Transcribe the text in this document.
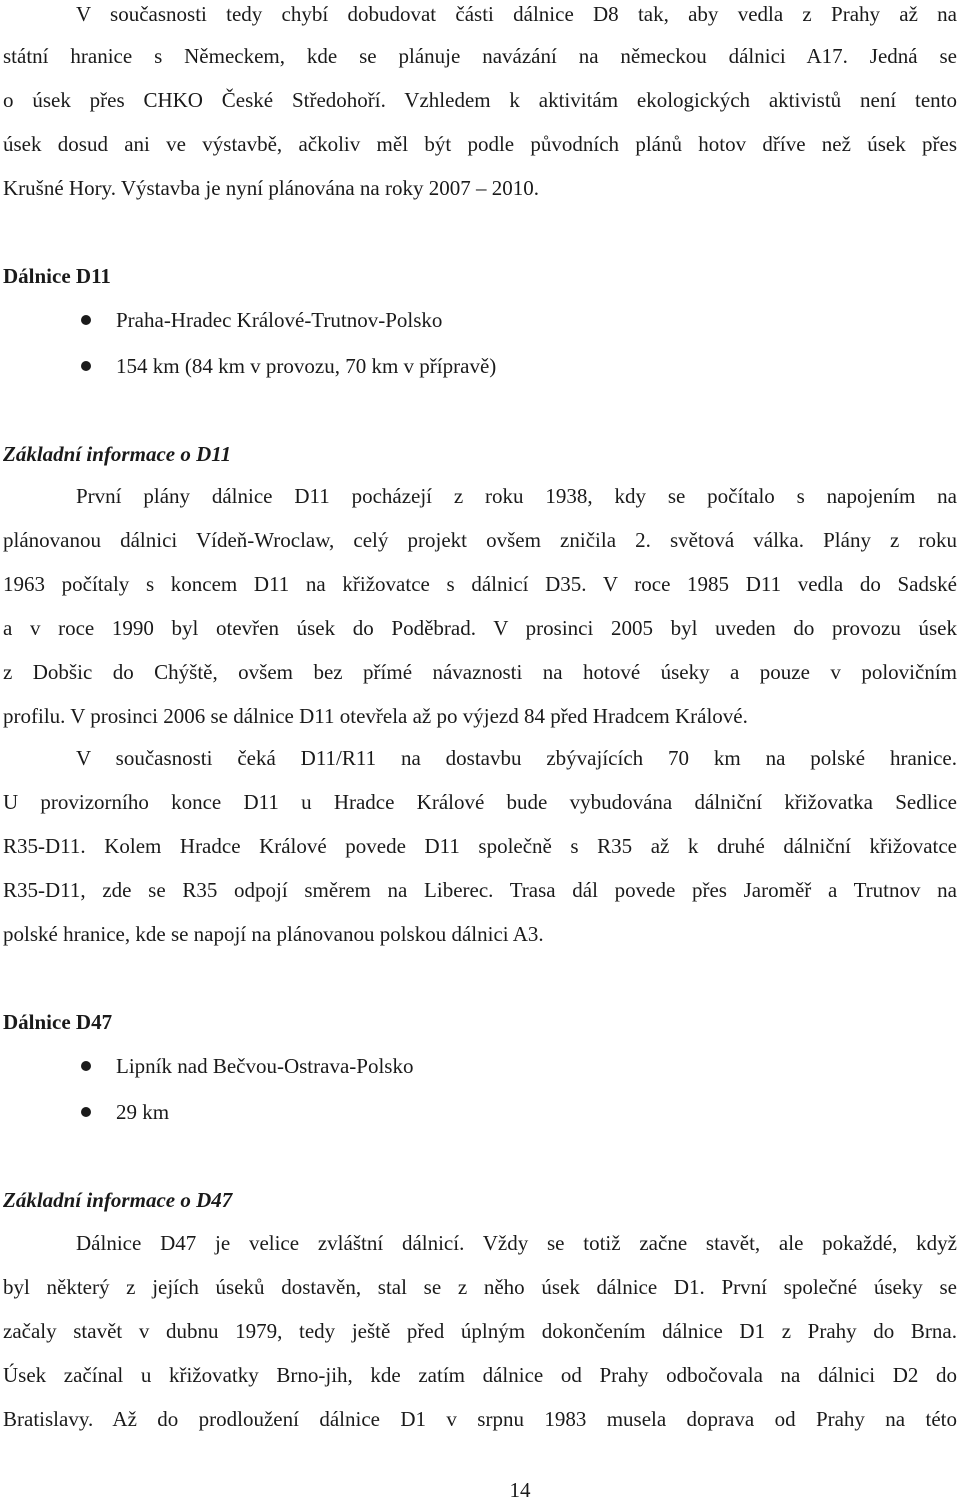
V současnosti tedy chybí dobudovat části dálnice D8 tak, aby vedla z Prahy až na
státní hranice s Německem, kde se plánuje navázání na německou dálnici A17. Jedná se
o úsek přes CHKO České Středohoří. Vzhledem k aktivitám ekologických aktivistů není tento
úsek dosud ani ve výstavbě, ačkoliv měl být podle původních plánů hotov dříve než úsek přes
Krušné Hory. Výstavba je nyní plánována na roky 2007 – 2010.
Dálnice D11
Praha-Hradec Králové-Trutnov-Polsko
154 km (84 km v provozu, 70 km v přípravě)
Základní informace o D11
První plány dálnice D11 pocházejí z roku 1938, kdy se počítalo s napojením na
plánovanou dálnici Vídeň-Wroclaw, celý projekt ovšem zničila 2. světová válka. Plány z roku
1963 počítaly s koncem D11 na křižovatce s dálnicí D35. V roce 1985 D11 vedla do Sadské
a v roce 1990 byl otevřen úsek do Poděbrad. V prosinci 2005 byl uveden do provozu úsek
z Dobšic do Chýště, ovšem bez přímé návaznosti na hotové úseky a pouze v polovičním
profilu. V prosinci 2006 se dálnice D11 otevřela až po výjezd 84 před Hradcem Králové.
V současnosti čeká D11/R11 na dostavbu zbývajících 70 km na polské hranice.
U provizorního konce D11 u Hradce Králové bude vybudována dálniční křižovatka Sedlice
R35-D11. Kolem Hradce Králové povede D11 společně s R35 až k druhé dálniční křižovatce
R35-D11, zde se R35 odpojí směrem na Liberec. Trasa dál povede přes Jaroměř a Trutnov na
polské hranice, kde se napojí na plánovanou polskou dálnici A3.
Dálnice D47
Lipník nad Bečvou-Ostrava-Polsko
29 km
Základní informace o D47
Dálnice D47 je velice zvláštní dálnicí. Vždy se totiž začne stavět, ale pokaždé, když
byl některý z jejích úseků dostavěn, stal se z něho úsek dálnice D1. První společné úseky se
začaly stavět v dubnu 1979, tedy ještě před úplným dokončením dálnice D1 z Prahy do Brna.
Úsek začínal u křižovatky Brno-jih, kde zatím dálnice od Prahy odbočovala na dálnici D2 do
Bratislavy. Až do prodloužení dálnice D1 v srpnu 1983 musela doprava od Prahy na této
14
